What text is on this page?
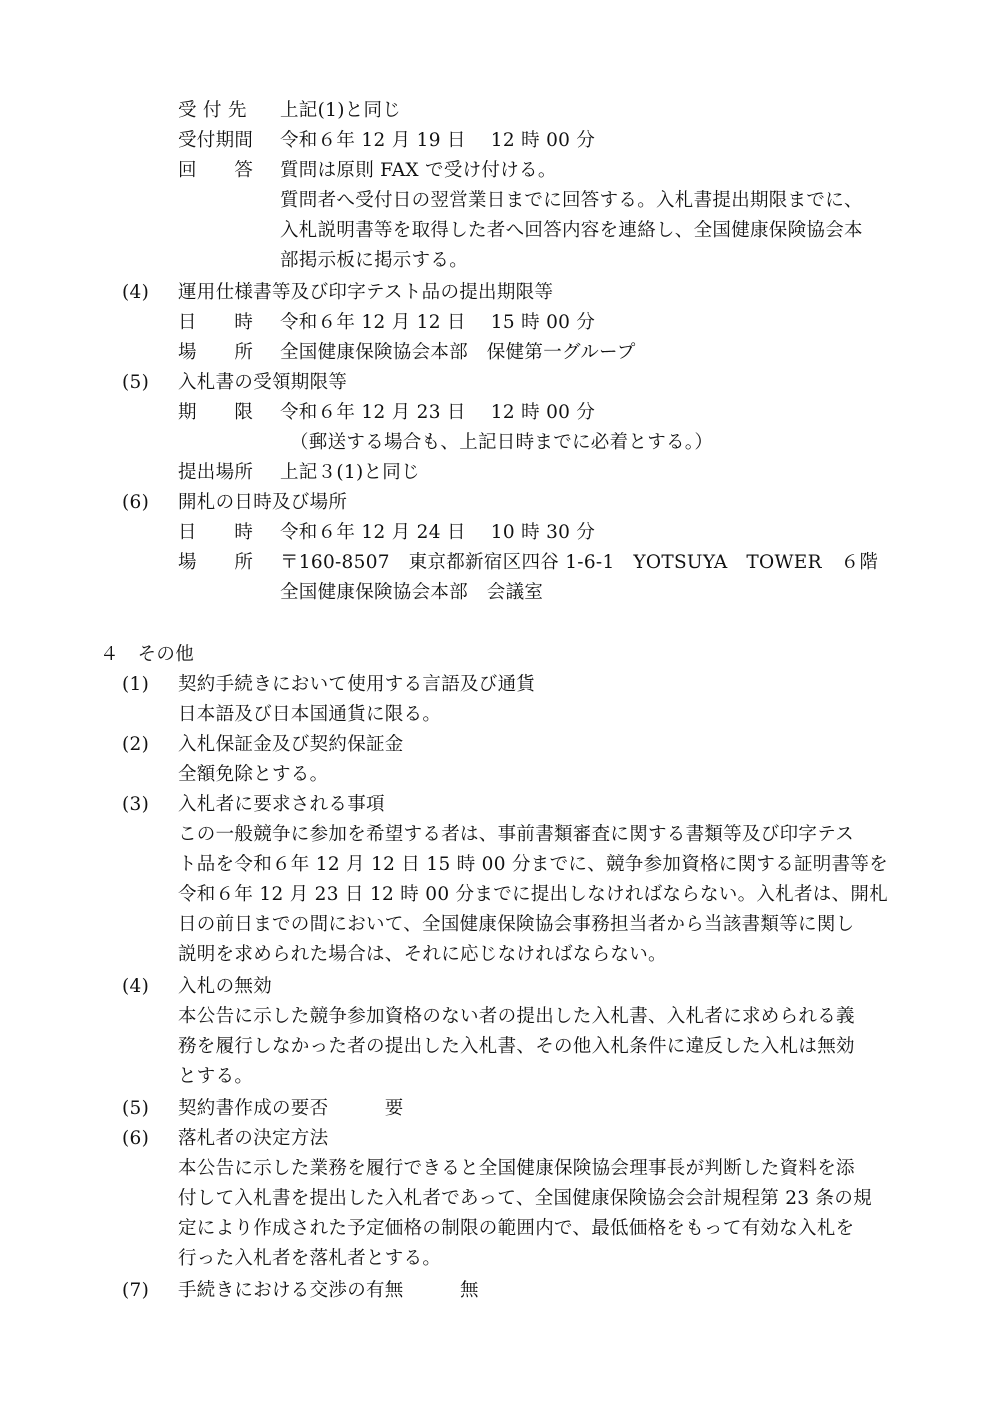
受 付 先 上記(1)と同じ
受付期間 令和６年 12 月 19 日　 12 時 00 分
回　　答 質問は原則 FAX で受け付ける。
質問者へ受付日の翌営業日までに回答する。入札書提出期限までに、
入札説明書等を取得した者へ回答内容を連絡し、全国健康保険協会本
部掲示板に掲示する。
(4) 運用仕様書等及び印字テスト品の提出期限等
日　　時 令和６年 12 月 12 日　 15 時 00 分
場　　所 全国健康保険協会本部　保健第一グループ
(5) 入札書の受領期限等
期　　限 令和６年 12 月 23 日　 12 時 00 分
（郵送する場合も、上記日時までに必着とする。）
提出場所 上記３(1)と同じ
(6) 開札の日時及び場所
日　　時 令和６年 12 月 24 日　 10 時 30 分
場　　所 〒160-8507　東京都新宿区四谷 1-6-1　YOTSUYA　TOWER　６階
全国健康保険協会本部　会議室
４　その他
(1) 契約手続きにおいて使用する言語及び通貨
日本語及び日本国通貨に限る。
(2) 入札保証金及び契約保証金
全額免除とする。
(3) 入札者に要求される事項
この一般競争に参加を希望する者は、事前書類審査に関する書類等及び印字テス
ト品を令和６年 12 月 12 日 15 時 00 分までに、競争参加資格に関する証明書等を
令和６年 12 月 23 日 12 時 00 分までに提出しなければならない。入札者は、開札
日の前日までの間において、全国健康保険協会事務担当者から当該書類等に関し
説明を求められた場合は、それに応じなければならない。
(4) 入札の無効
本公告に示した競争参加資格のない者の提出した入札書、入札者に求められる義
務を履行しなかった者の提出した入札書、その他入札条件に違反した入札は無効
とする。
(5) 契約書作成の要否　　　要
(6) 落札者の決定方法
本公告に示した業務を履行できると全国健康保険協会理事長が判断した資料を添
付して入札書を提出した入札者であって、全国健康保険協会会計規程第 23 条の規
定により作成された予定価格の制限の範囲内で、最低価格をもって有効な入札を
行った入札者を落札者とする。
(7) 手続きにおける交渉の有無　　　無
